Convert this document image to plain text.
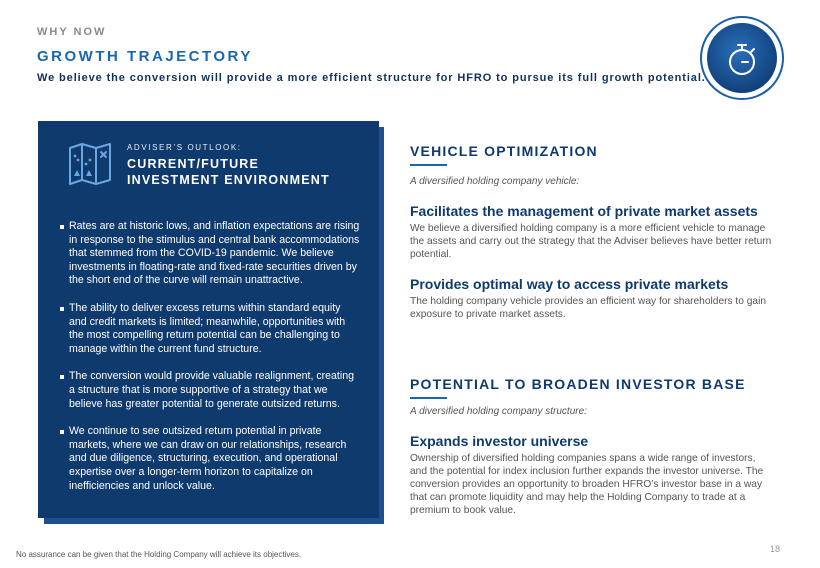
WHY NOW
GROWTH TRAJECTORY
We believe the conversion will provide a more efficient structure for HFRO to pursue its full growth potential.
ADVISER’S OUTLOOK:
CURRENT/FUTURE
INVESTMENT ENVIRONMENT
Rates are at historic lows, and inflation expectations are rising in response to the stimulus and central bank accommodations that stemmed from the COVID-19 pandemic. We believe investments in floating-rate and fixed-rate securities driven by the short end of the curve will remain unattractive.
The ability to deliver excess returns within standard equity and credit markets is limited; meanwhile, opportunities with the most compelling return potential can be challenging to manage within the current fund structure.
The conversion would provide valuable realignment, creating a structure that is more supportive of a strategy that we believe has greater potential to generate outsized returns.
We continue to see outsized return potential in private markets, where we can draw on our relationships, research and due diligence, structuring, execution, and operational expertise over a longer-term horizon to capitalize on inefficiencies and unlock value.
VEHICLE OPTIMIZATION
A diversified holding company vehicle:
Facilitates the management of private market assets
We believe a diversified holding company is a more efficient vehicle to manage the assets and carry out the strategy that the Adviser believes have better return potential.
Provides optimal way to access private markets
The holding company vehicle provides an efficient way for shareholders to gain exposure to private market assets.
POTENTIAL TO BROADEN INVESTOR BASE
A diversified holding company structure:
Expands investor universe
Ownership of diversified holding companies spans a wide range of investors, and the potential for index inclusion further expands the investor universe. The conversion provides an opportunity to broaden HFRO’s investor base in a way that can promote liquidity and may help the Holding Company to trade at a premium to book value.
No assurance can be given that the Holding Company will achieve its objectives.
18
